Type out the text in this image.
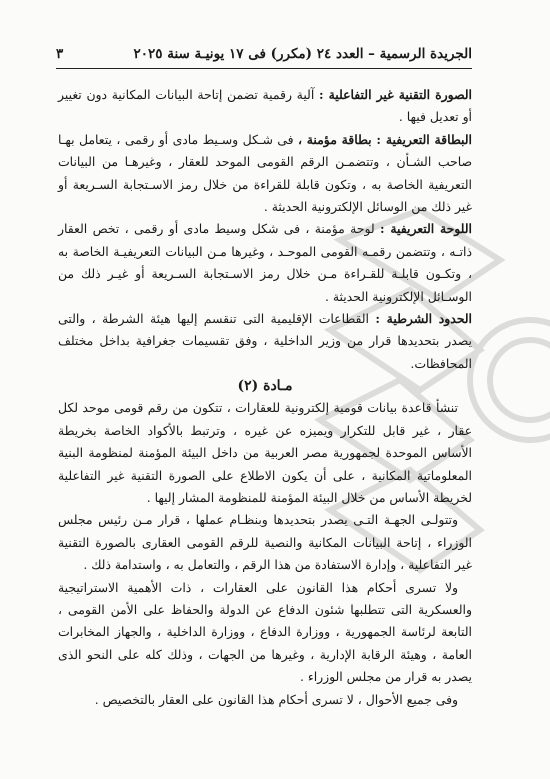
الجريدة الرسمية – العدد ٢٤ (مكرر) فى ١٧ يونيـة سنة ٢٠٢٥
٣

الصورة التقنية غير التفاعلية : آلية رقمية تضمن إتاحة البيانات المكانية دون تغيير أو تعديل فيها .

البطاقة التعريفية : بطاقة مؤمنة ، فى شـكل وسـيط مادى أو رقمى ، يتعامل بهـا صاحب الشـأن ، وتتضمـن الرقم القومى الموحد للعقار ، وغيرهـا من البيانات التعريفية الخاصة به ، وتكون قابلة للقراءة من خلال رمز الاسـتجابة السـريعة أو غير ذلك من الوسائل الإلكترونية الحديثة .

اللوحة التعريفية : لوحة مؤمنة ، فى شكل وسيط مادى أو رقمى ، تخص العقار ذاتـه ، وتتضمن رقمـه القومى الموحـد ، وغيرها مـن البيانات التعريفيـة الخاصة به ، وتكـون قابلـة للقـراءة مـن خلال رمز الاسـتجابة السـريعة أو غيـر ذلك من الوسـائل الإلكترونية الحديثة .

الحدود الشرطية : القطاعات الإقليمية التى تنقسم إليها هيئة الشرطة ، والتى يصدر بتحديدها قرار من وزير الداخلية ، وفق تقسيمات جغرافية بداخل مختلف المحافظات.

مـادة (٢)

تنشأ قاعدة بيانات قومية إلكترونية للعقارات ، تتكون من رقم قومى موحد لكل عقار ، غير قابل للتكرار ويميزه عن غيره ، وترتبط بالأكواد الخاصة بخريطة الأساس الموحدة لجمهورية مصر العربية من داخل البيئة المؤمنة لمنظومة البنية المعلوماتية المكانية ، على أن يكون الاطلاع على الصورة التقنية غير التفاعلية لخريطة الأساس من خلال البيئة المؤمنة للمنظومة المشار إليها .

وتتولـى الجهـة التـى يصدر بتحديدها وبنظـام عملها ، قرار مـن رئيس مجلس الوزراء ، إتاحة البيانات المكانية والنصية للرقم القومى العقارى بالصورة التقنية غير التفاعلية ، وإدارة الاستفادة من هذا الرقم ، والتعامل به ، واستدامة ذلك .

ولا تسرى أحكام هذا القانون على العقارات ، ذات الأهمية الاستراتيجية والعسكرية التى تتطلبها شئون الدفاع عن الدولة والحفاظ على الأمن القومى ، التابعة لرئاسة الجمهورية ، ووزارة الدفاع ، ووزارة الداخلية ، والجهاز المخابرات العامة ، وهيئة الرقابة الإدارية ، وغيرها من الجهات ، وذلك كله على النحو الذى يصدر به قرار من مجلس الوزراء .

وفى جميع الأحوال ، لا تسرى أحكام هذا القانون على العقار بالتخصيص .
